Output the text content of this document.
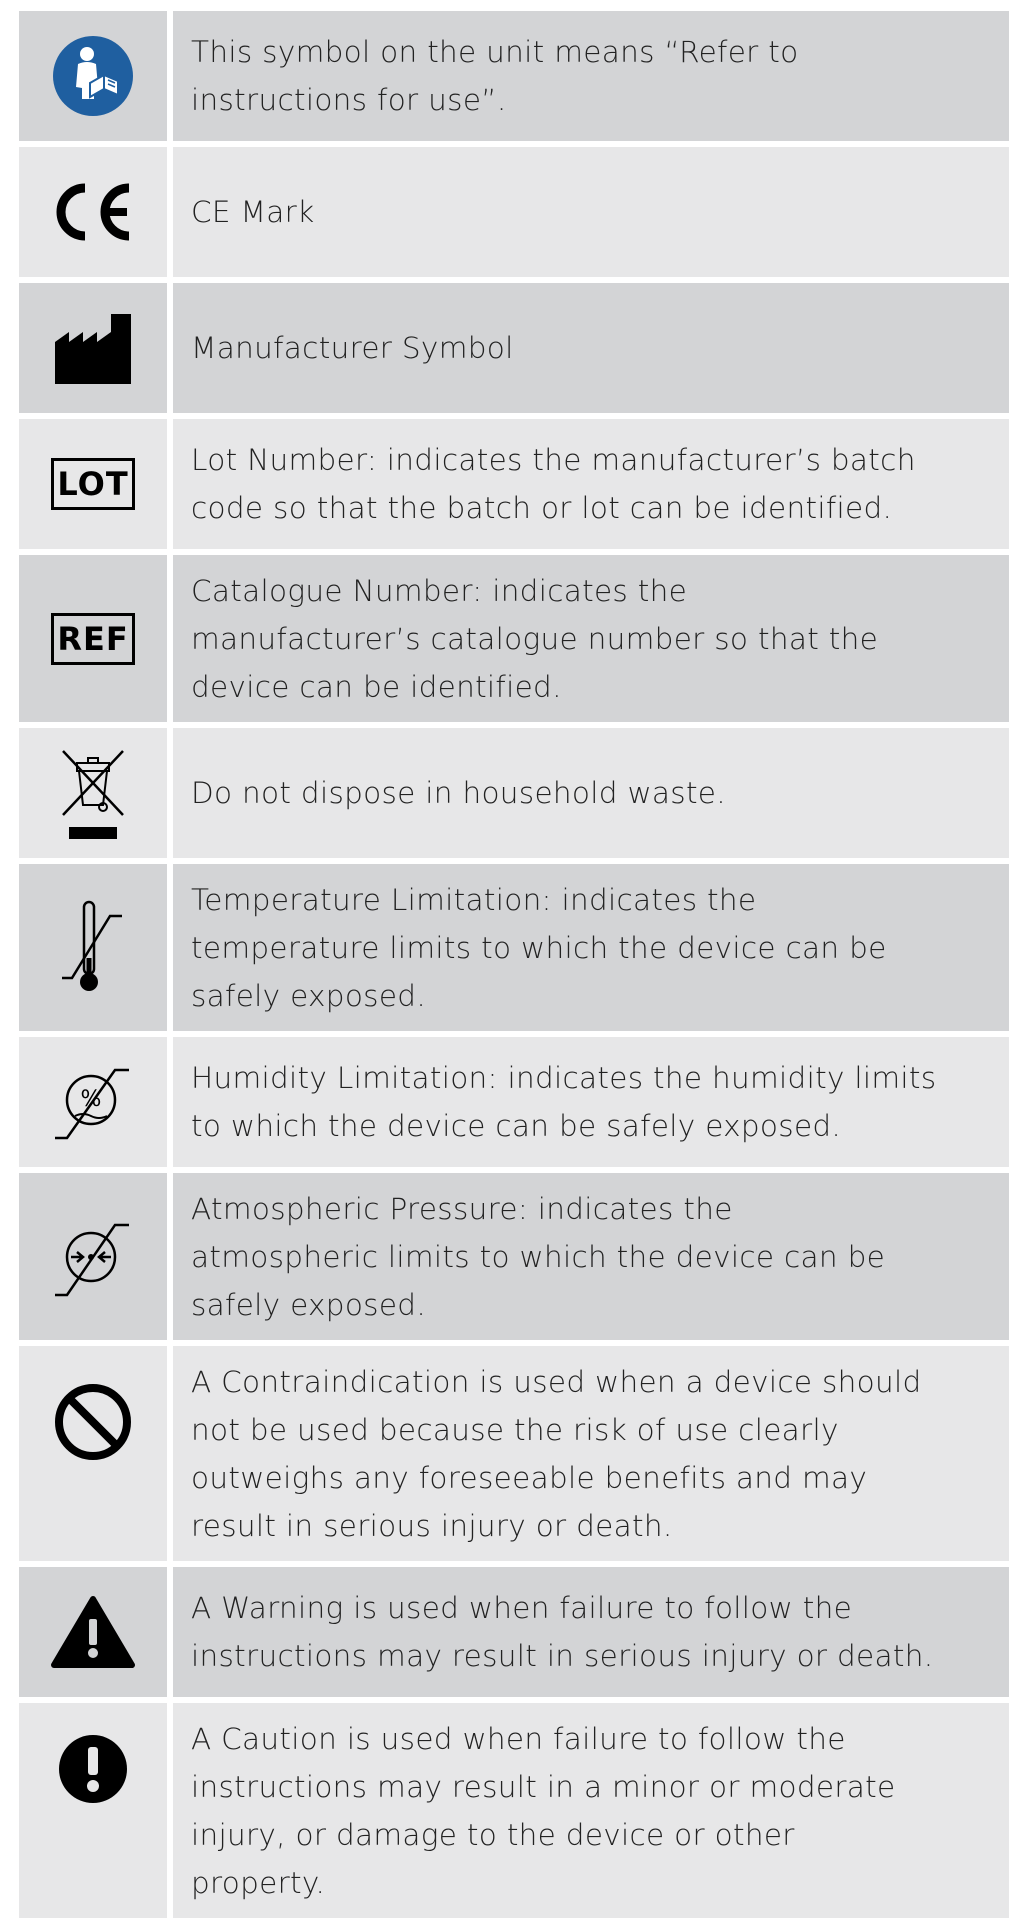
This symbol on the unit means “Refer to
instructions for use”.
CE Mark
Manufacturer Symbol
LOT
Lot Number: indicates the manufacturer’s batch
code so that the batch or lot can be identified.
REF
Catalogue Number: indicates the
manufacturer’s catalogue number so that the
device can be identified.
Do not dispose in household waste.
Temperature Limitation: indicates the
temperature limits to which the device can be
safely exposed.
%
Humidity Limitation: indicates the humidity limits
to which the device can be safely exposed.
Atmospheric Pressure: indicates the
atmospheric limits to which the device can be
safely exposed.
A Contraindication is used when a device should
not be used because the risk of use clearly
outweighs any foreseeable benefits and may
result in serious injury or death.
A Warning is used when failure to follow the
instructions may result in serious injury or death.
A Caution is used when failure to follow the
instructions may result in a minor or moderate
injury, or damage to the device or other
property.
